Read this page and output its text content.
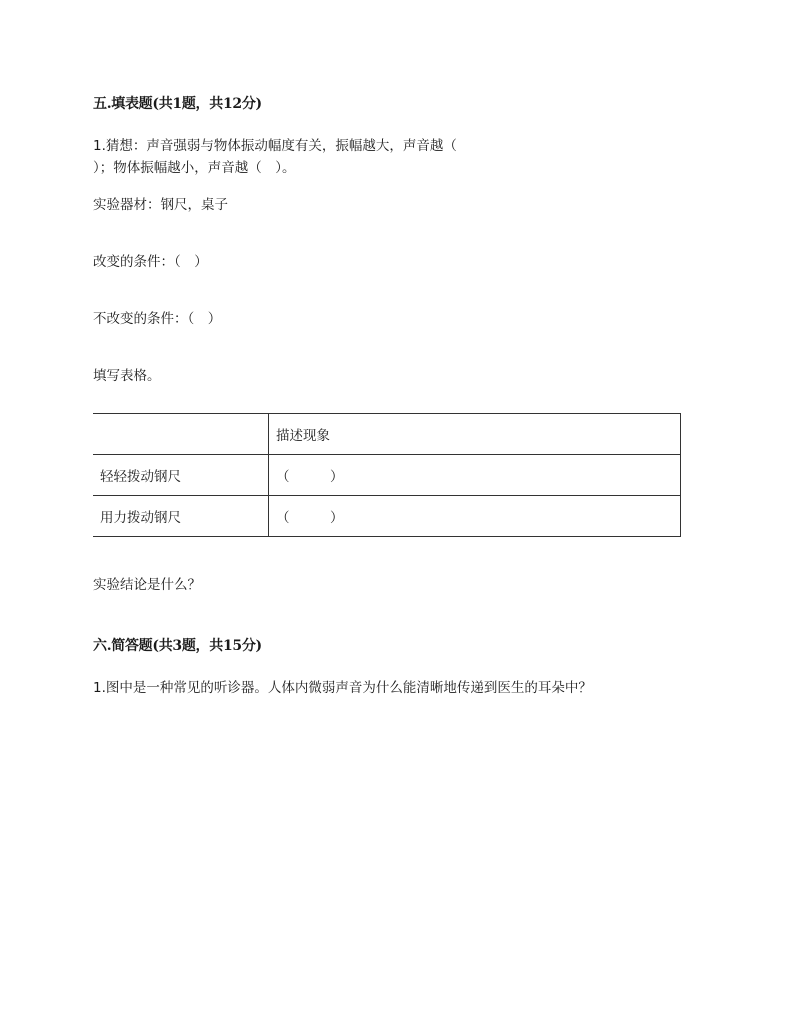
五.填表题(共1题，共12分)
1.猜想：声音强弱与物体振动幅度有关，振幅越大，声音越（
）；物体振幅越小，声音越（　）。
实验器材：钢尺，桌子
改变的条件：（　）
不改变的条件：（　）
填写表格。
	描述现象
轻轻拨动钢尺	（　　　）
用力拨动钢尺	（　　　）
实验结论是什么？
六.简答题(共3题，共15分)
1.图中是一种常见的听诊器。人体内微弱声音为什么能清晰地传递到医生的耳朵中？
